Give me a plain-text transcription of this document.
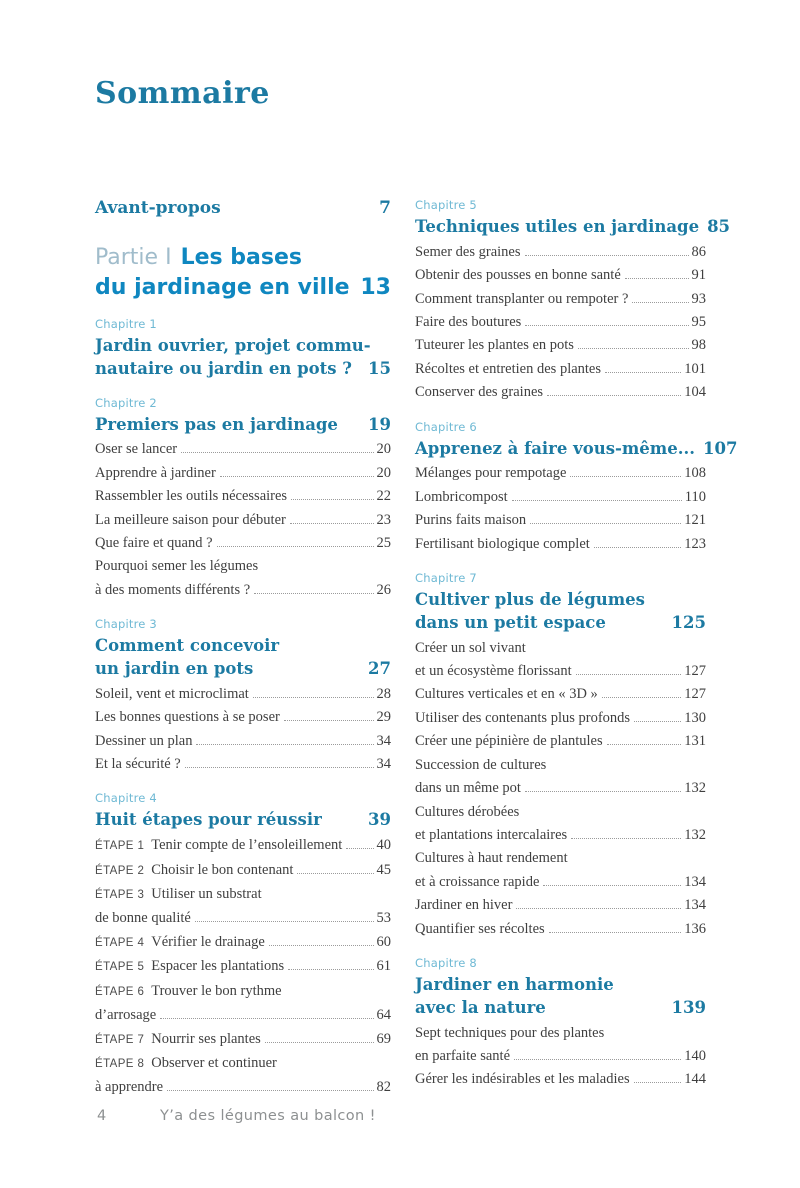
Sommaire
Avant-propos	7
Partie I Les bases
du jardinage en ville 13
Chapitre 1
Jardin ouvrier, projet commu-
nautaire ou jardin en pots ? 15
Chapitre 2
Premiers pas en jardinage 19
Oser se lancer	20
Apprendre à jardiner	20
Rassembler les outils nécessaires	22
La meilleure saison pour débuter	23
Que faire et quand ?	25
Pourquoi semer les légumes
à des moments différents ?	26
Chapitre 3
Comment concevoir
un jardin en pots	27
Soleil, vent et microclimat	28
Les bonnes questions à se poser	29
Dessiner un plan	34
Et la sécurité ?	34
Chapitre 4
Huit étapes pour réussir	39
ÉTAPE 1 Tenir compte de l’ensoleillement 40
ÉTAPE 2 Choisir le bon contenant	45
ÉTAPE 3 Utiliser un substrat
de bonne qualité	53
ÉTAPE 4 Vérifier le drainage	60
ÉTAPE 5 Espacer les plantations	61
ÉTAPE 6 Trouver le bon rythme
d’arrosage	64
ÉTAPE 7 Nourrir ses plantes	69
ÉTAPE 8 Observer et continuer
à apprendre	82
Chapitre 5
Techniques utiles en jardinage 85
Semer des graines	86
Obtenir des pousses en bonne santé	91
Comment transplanter ou rempoter ?	93
Faire des boutures	95
Tuteurer les plantes en pots	98
Récoltes et entretien des plantes	101
Conserver des graines	104
Chapitre 6
Apprenez à faire vous-même... 107
Mélanges pour rempotage	108
Lombricompost	110
Purins faits maison	121
Fertilisant biologique complet	123
Chapitre 7
Cultiver plus de légumes
dans un petit espace	125
Créer un sol vivant
et un écosystème florissant	127
Cultures verticales et en « 3D »	127
Utiliser des contenants plus profonds	130
Créer une pépinière de plantules	131
Succession de cultures
dans un même pot	132
Cultures dérobées
et plantations intercalaires	132
Cultures à haut rendement
et à croissance rapide	134
Jardiner en hiver	134
Quantifier ses récoltes	136
Chapitre 8
Jardiner en harmonie
avec la nature	139
Sept techniques pour des plantes
en parfaite santé	140
Gérer les indésirables et les maladies	144
4	Y’a des légumes au balcon !
